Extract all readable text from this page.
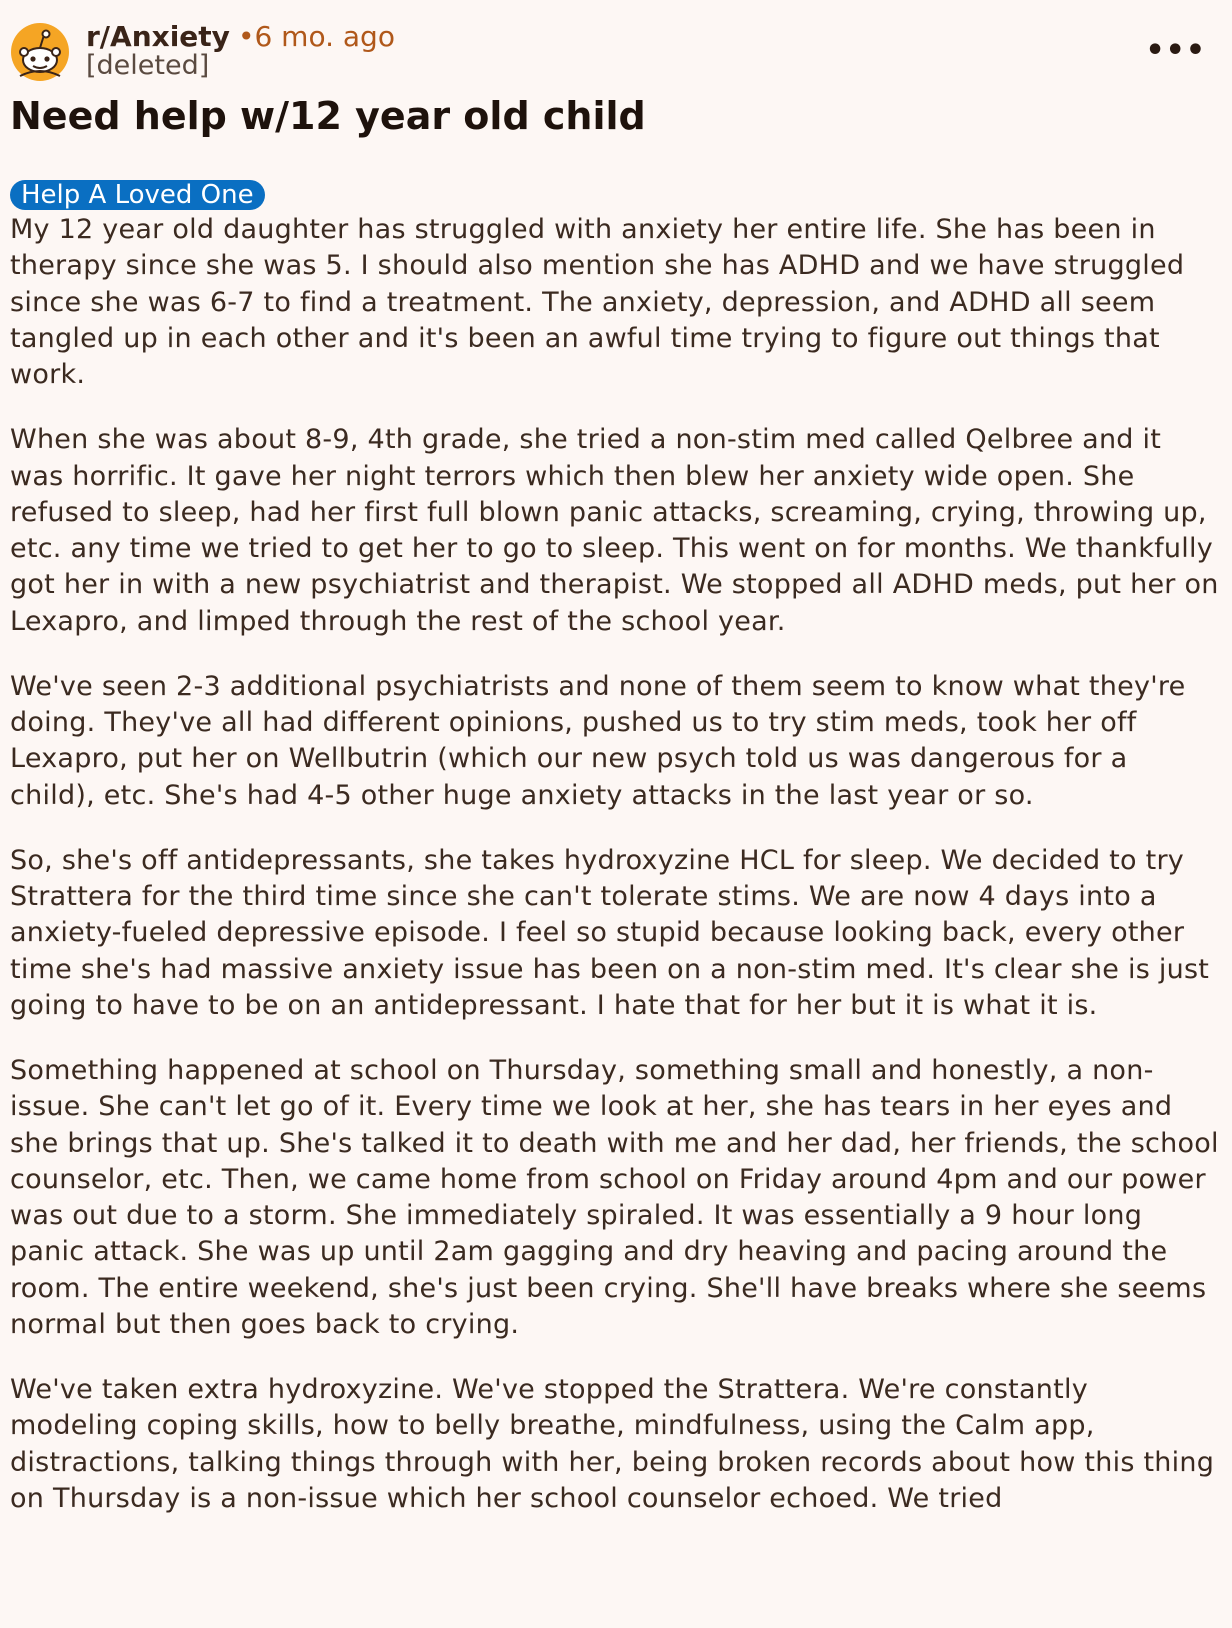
r/Anxiety •6 mo. ago
[deleted]	•••
Need help w/12 year old child
Help A Loved One

My 12 year old daughter has struggled with anxiety her entire life. She has been in therapy since she was 5. I should also mention she has ADHD and we have struggled since she was 6-7 to find a treatment. The anxiety, depression, and ADHD all seem tangled up in each other and it's been an awful time trying to figure out things that work.

When she was about 8-9, 4th grade, she tried a non-stim med called Qelbree and it was horrific. It gave her night terrors which then blew her anxiety wide open. She refused to sleep, had her first full blown panic attacks, screaming, crying, throwing up, etc. any time we tried to get her to go to sleep. This went on for months. We thankfully got her in with a new psychiatrist and therapist. We stopped all ADHD meds, put her on Lexapro, and limped through the rest of the school year.

We've seen 2-3 additional psychiatrists and none of them seem to know what they're doing. They've all had different opinions, pushed us to try stim meds, took her off Lexapro, put her on Wellbutrin (which our new psych told us was dangerous for a child), etc. She's had 4-5 other huge anxiety attacks in the last year or so.

So, she's off antidepressants, she takes hydroxyzine HCL for sleep. We decided to try Strattera for the third time since she can't tolerate stims. We are now 4 days into a anxiety-fueled depressive episode. I feel so stupid because looking back, every other time she's had massive anxiety issue has been on a non-stim med. It's clear she is just going to have to be on an antidepressant. I hate that for her but it is what it is.

Something happened at school on Thursday, something small and honestly, a non-issue. She can't let go of it. Every time we look at her, she has tears in her eyes and she brings that up. She's talked it to death with me and her dad, her friends, the school counselor, etc. Then, we came home from school on Friday around 4pm and our power was out due to a storm. She immediately spiraled. It was essentially a 9 hour long panic attack. She was up until 2am gagging and dry heaving and pacing around the room. The entire weekend, she's just been crying. She'll have breaks where she seems normal but then goes back to crying.

We've taken extra hydroxyzine. We've stopped the Strattera. We're constantly modeling coping skills, how to belly breathe, mindfulness, using the Calm app, distractions, talking things through with her, being broken records about how this thing on Thursday is a non-issue which her school counselor echoed. We tried
